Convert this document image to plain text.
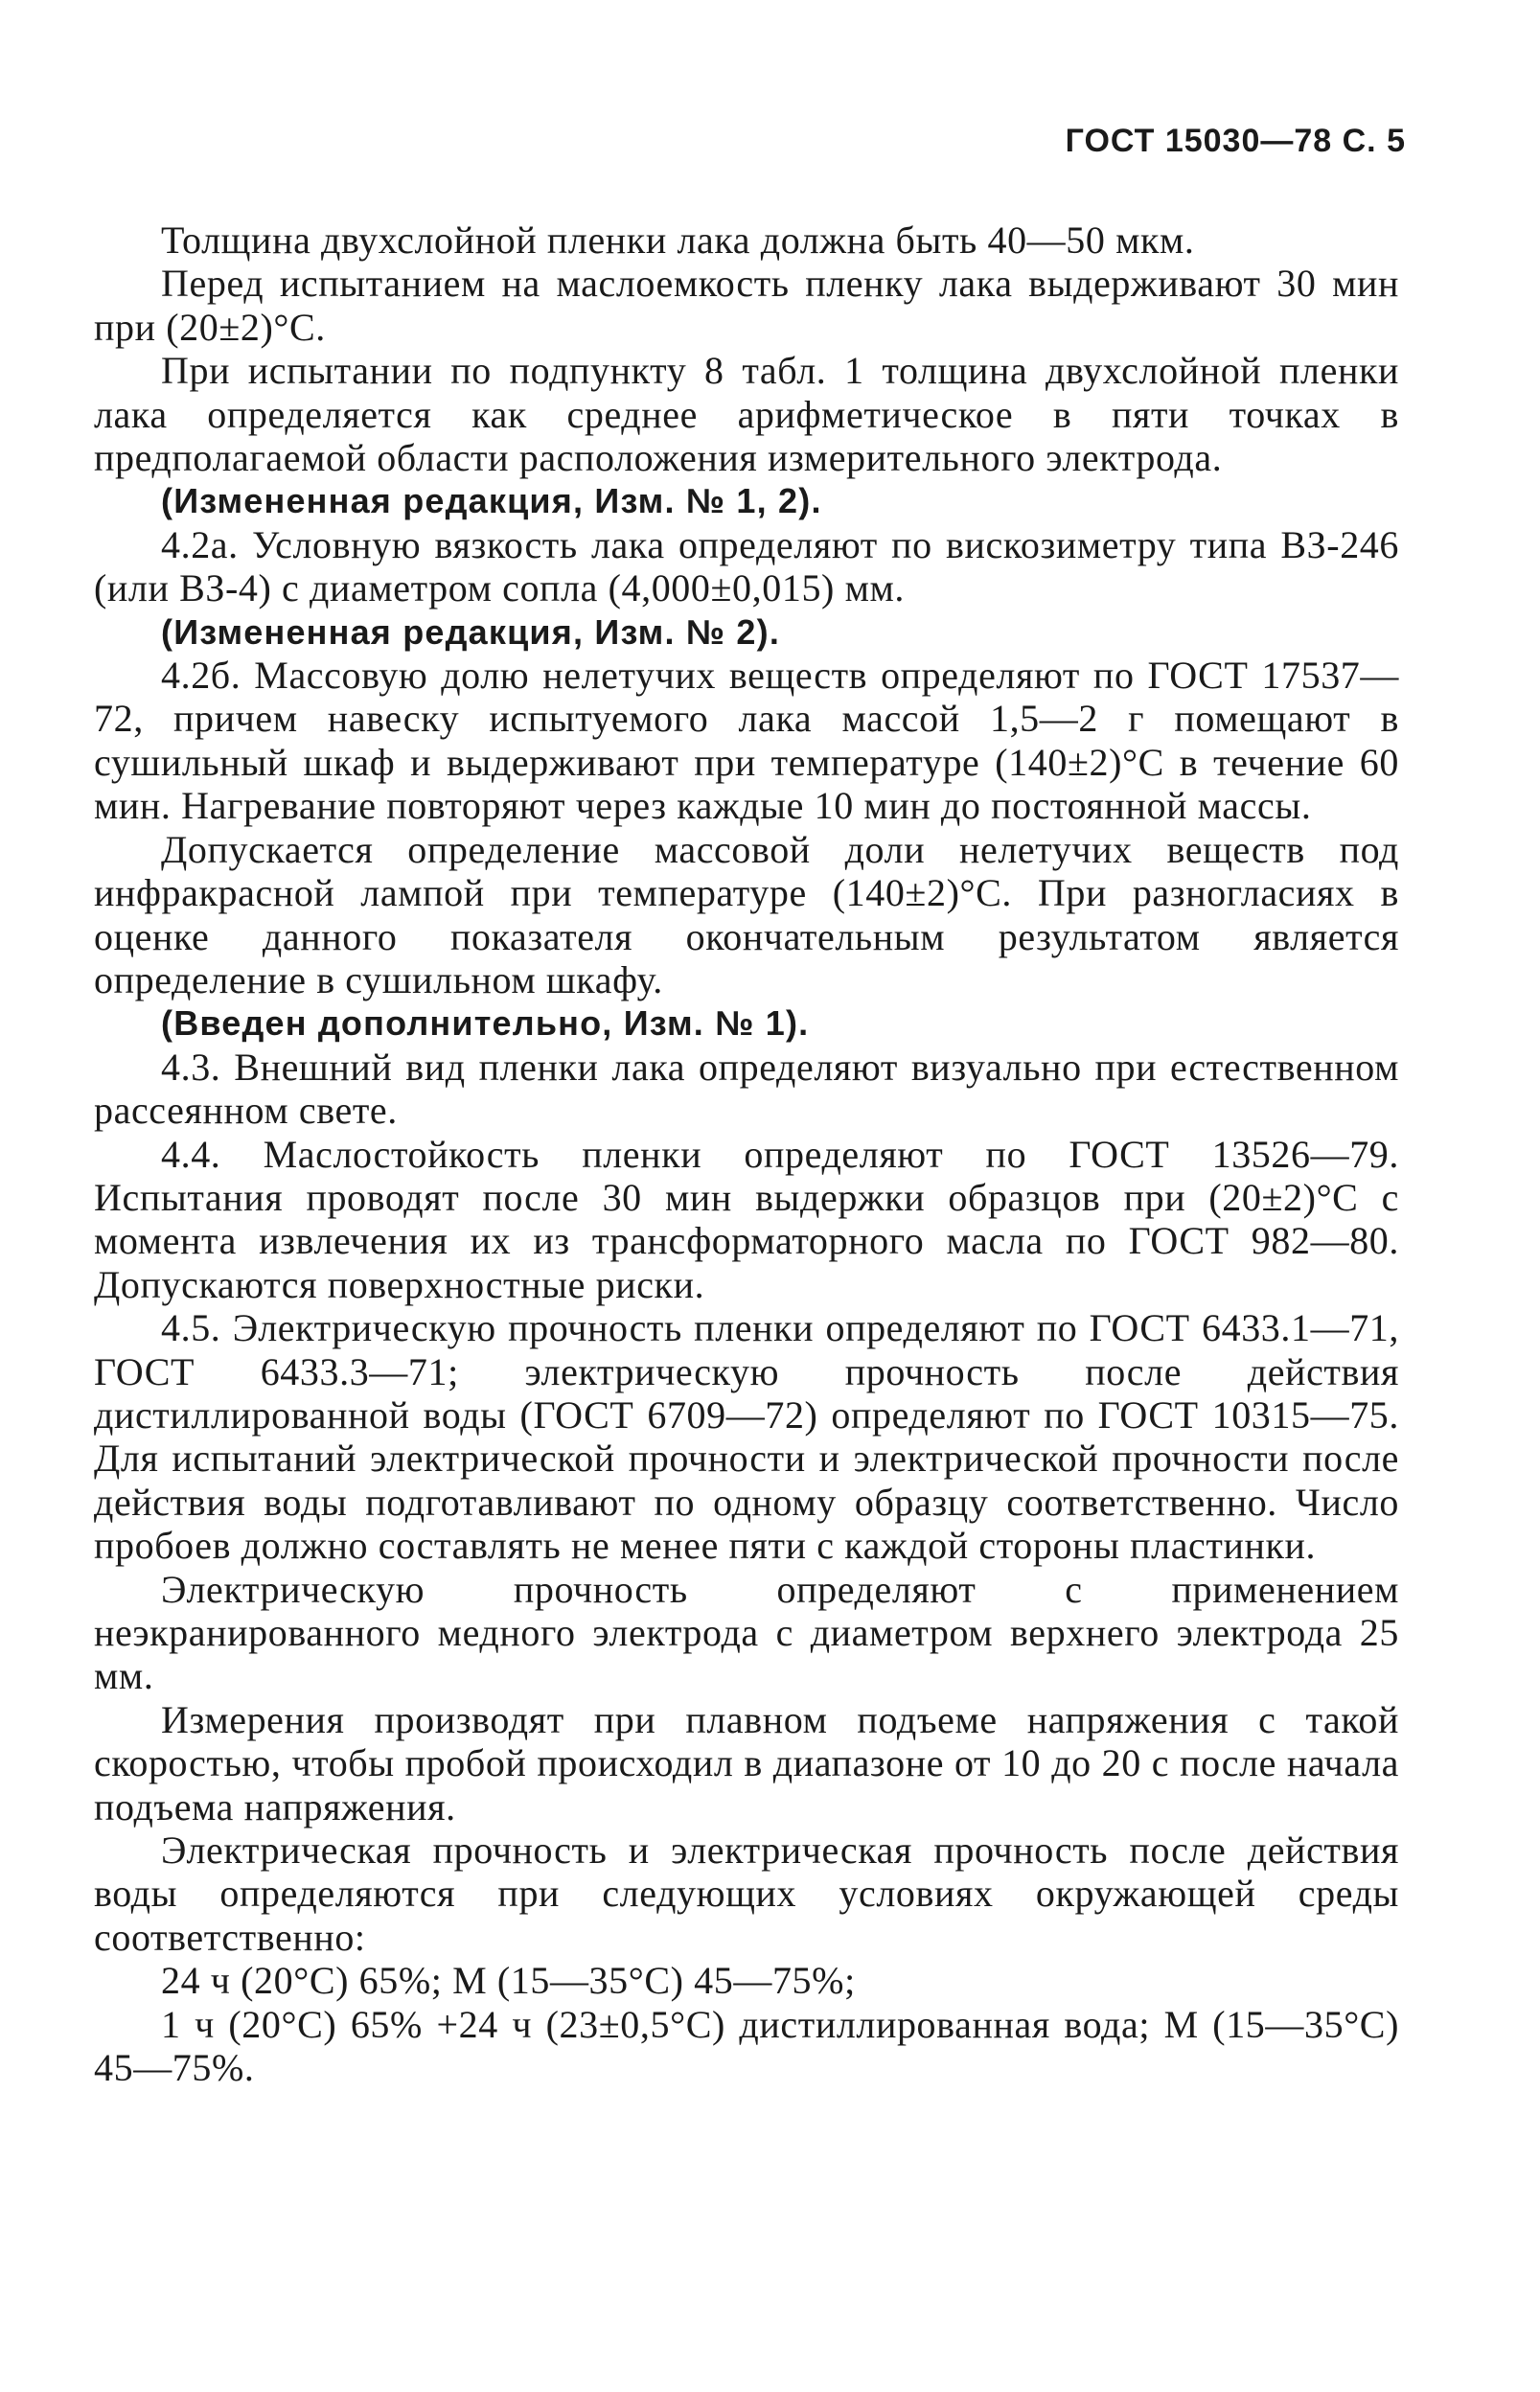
ГОСТ 15030—78 С. 5

Толщина двухслойной пленки лака должна быть 40—50 мкм.

Перед испытанием на маслоемкость пленку лака выдерживают 30 мин при (20±2)°С.

При испытании по подпункту 8 табл. 1 толщина двухслойной пленки лака определяется как среднее арифметическое в пяти точках в предполагаемой области расположения измерительного электрода.

(Измененная редакция, Изм. № 1, 2).

4.2а. Условную вязкость лака определяют по вискозиметру типа ВЗ-246 (или ВЗ-4) с диаметром сопла (4,000±0,015) мм.

(Измененная редакция, Изм. № 2).

4.2б. Массовую долю нелетучих веществ определяют по ГОСТ 17537—72, причем навеску испытуемого лака массой 1,5—2 г помещают в сушильный шкаф и выдерживают при температуре (140±2)°С в течение 60 мин. Нагревание повторяют через каждые 10 мин до постоянной массы.

Допускается определение массовой доли нелетучих веществ под инфракрасной лампой при температуре (140±2)°С. При разногласиях в оценке данного показателя окончательным результатом является определение в сушильном шкафу.

(Введен дополнительно, Изм. № 1).

4.3. Внешний вид пленки лака определяют визуально при естественном рассеянном свете.

4.4. Маслостойкость пленки определяют по ГОСТ 13526—79. Испытания проводят после 30 мин выдержки образцов при (20±2)°С с момента извлечения их из трансформаторного масла по ГОСТ 982—80. Допускаются поверхностные риски.

4.5. Электрическую прочность пленки определяют по ГОСТ 6433.1—71, ГОСТ 6433.3—71; электрическую прочность после действия дистиллированной воды (ГОСТ 6709—72) определяют по ГОСТ 10315—75. Для испытаний электрической прочности и электрической прочности после действия воды подготавливают по одному образцу соответственно. Число пробоев должно составлять не менее пяти с каждой стороны пластинки.

Электрическую прочность определяют с применением неэкранированного медного электрода с диаметром верхнего электрода 25 мм.

Измерения производят при плавном подъеме напряжения с такой скоростью, чтобы пробой происходил в диапазоне от 10 до 20 с после начала подъема напряжения.

Электрическая прочность и электрическая прочность после действия воды определяются при следующих условиях окружающей среды соответственно:

24 ч (20°С) 65%; М (15—35°С) 45—75%;

1 ч (20°С) 65% +24 ч (23±0,5°С) дистиллированная вода; М (15—35°С) 45—75%.
